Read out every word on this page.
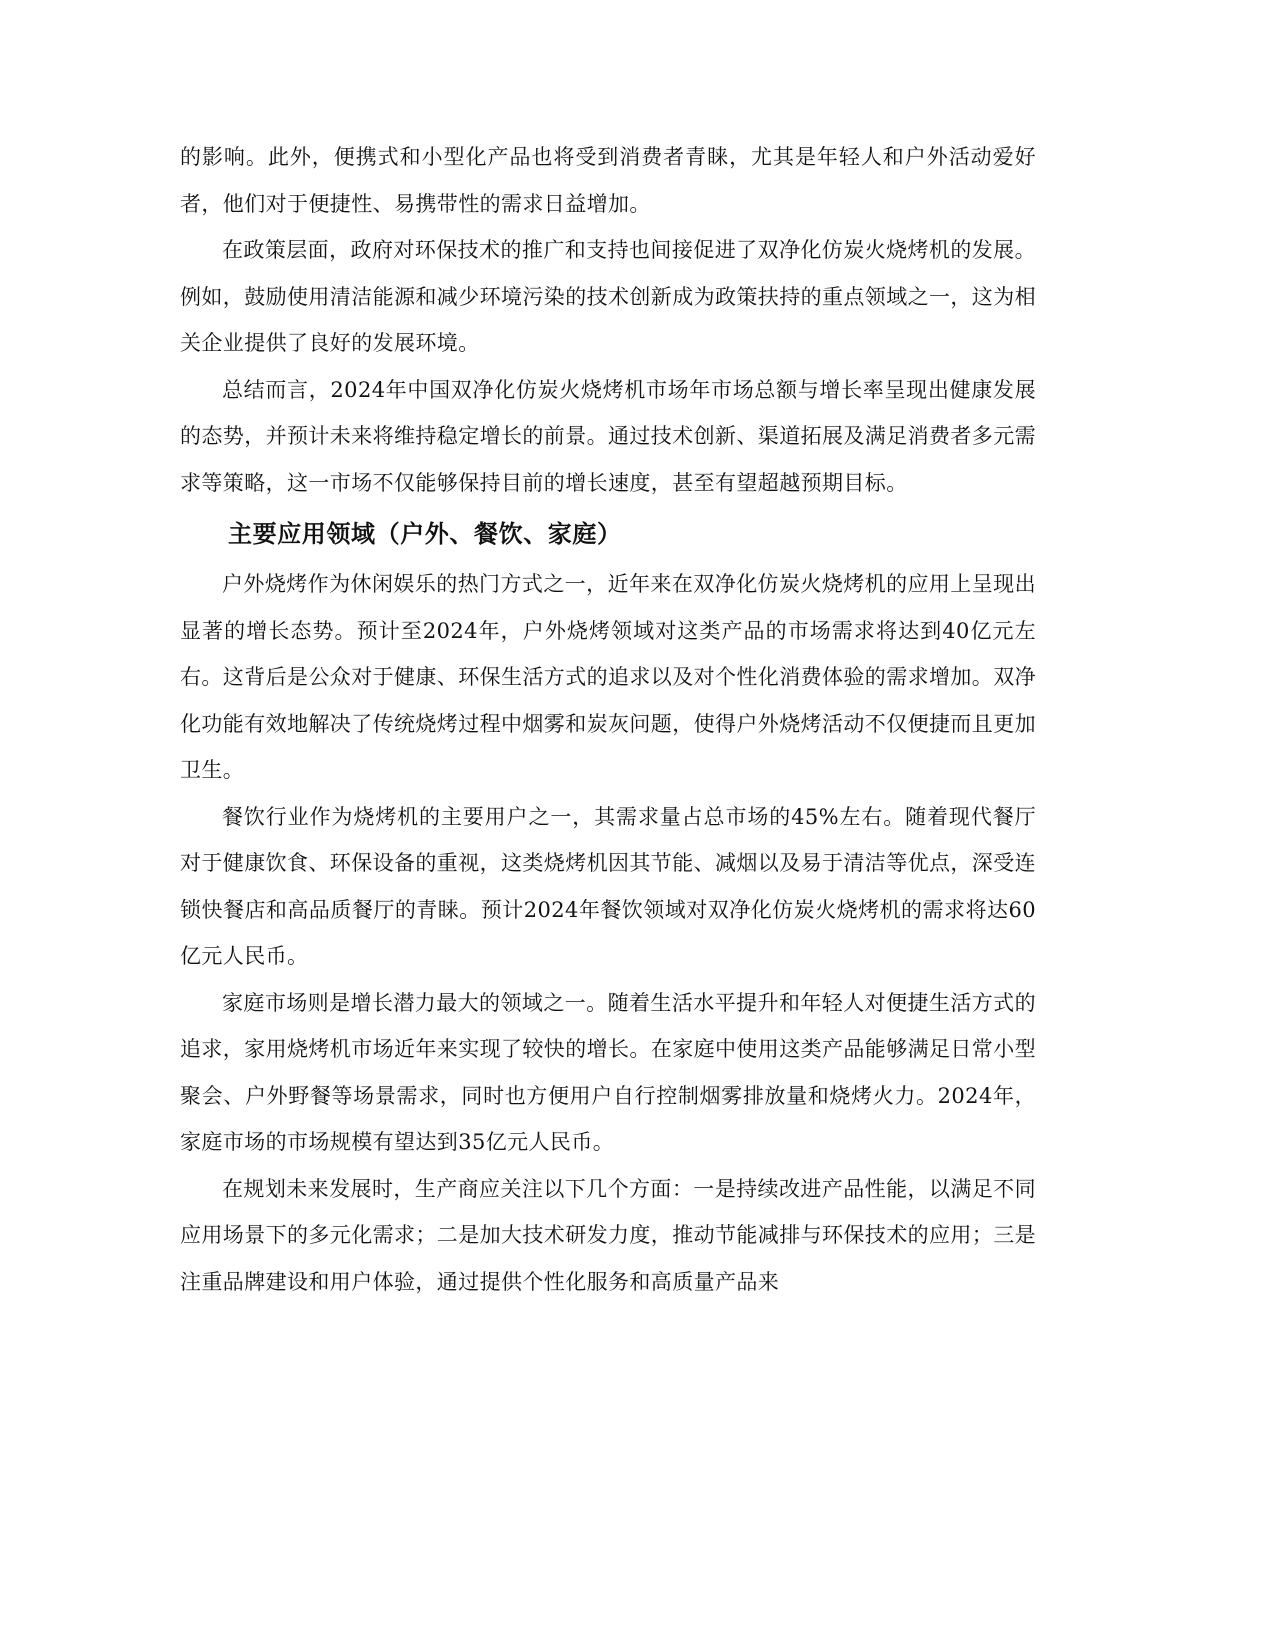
的影响。此外，便携式和小型化产品也将受到消费者青睐，尤其是年轻人和户外活动爱好者，他们对于便捷性、易携带性的需求日益增加。

在政策层面，政府对环保技术的推广和支持也间接促进了双净化仿炭火烧烤机的发展。例如，鼓励使用清洁能源和减少环境污染的技术创新成为政策扶持的重点领域之一，这为相关企业提供了良好的发展环境。

总结而言，2024年中国双净化仿炭火烧烤机市场年市场总额与增长率呈现出健康发展的态势，并预计未来将维持稳定增长的前景。通过技术创新、渠道拓展及满足消费者多元需求等策略，这一市场不仅能够保持目前的增长速度，甚至有望超越预期目标。

主要应用领域（户外、餐饮、家庭）

户外烧烤作为休闲娱乐的热门方式之一，近年来在双净化仿炭火烧烤机的应用上呈现出显著的增长态势。预计至2024年，户外烧烤领域对这类产品的市场需求将达到40亿元左右。这背后是公众对于健康、环保生活方式的追求以及对个性化消费体验的需求增加。双净化功能有效地解决了传统烧烤过程中烟雾和炭灰问题，使得户外烧烤活动不仅便捷而且更加卫生。

餐饮行业作为烧烤机的主要用户之一，其需求量占总市场的45%左右。随着现代餐厅对于健康饮食、环保设备的重视，这类烧烤机因其节能、减烟以及易于清洁等优点，深受连锁快餐店和高品质餐厅的青睐。预计2024年餐饮领域对双净化仿炭火烧烤机的需求将达60亿元人民币。

家庭市场则是增长潜力最大的领域之一。随着生活水平提升和年轻人对便捷生活方式的追求，家用烧烤机市场近年来实现了较快的增长。在家庭中使用这类产品能够满足日常小型聚会、户外野餐等场景需求，同时也方便用户自行控制烟雾排放量和烧烤火力。2024年，家庭市场的市场规模有望达到35亿元人民币。

在规划未来发展时，生产商应关注以下几个方面：一是持续改进产品性能，以满足不同应用场景下的多元化需求；二是加大技术研发力度，推动节能减排与环保技术的应用；三是注重品牌建设和用户体验，通过提供个性化服务和高质量产品来
